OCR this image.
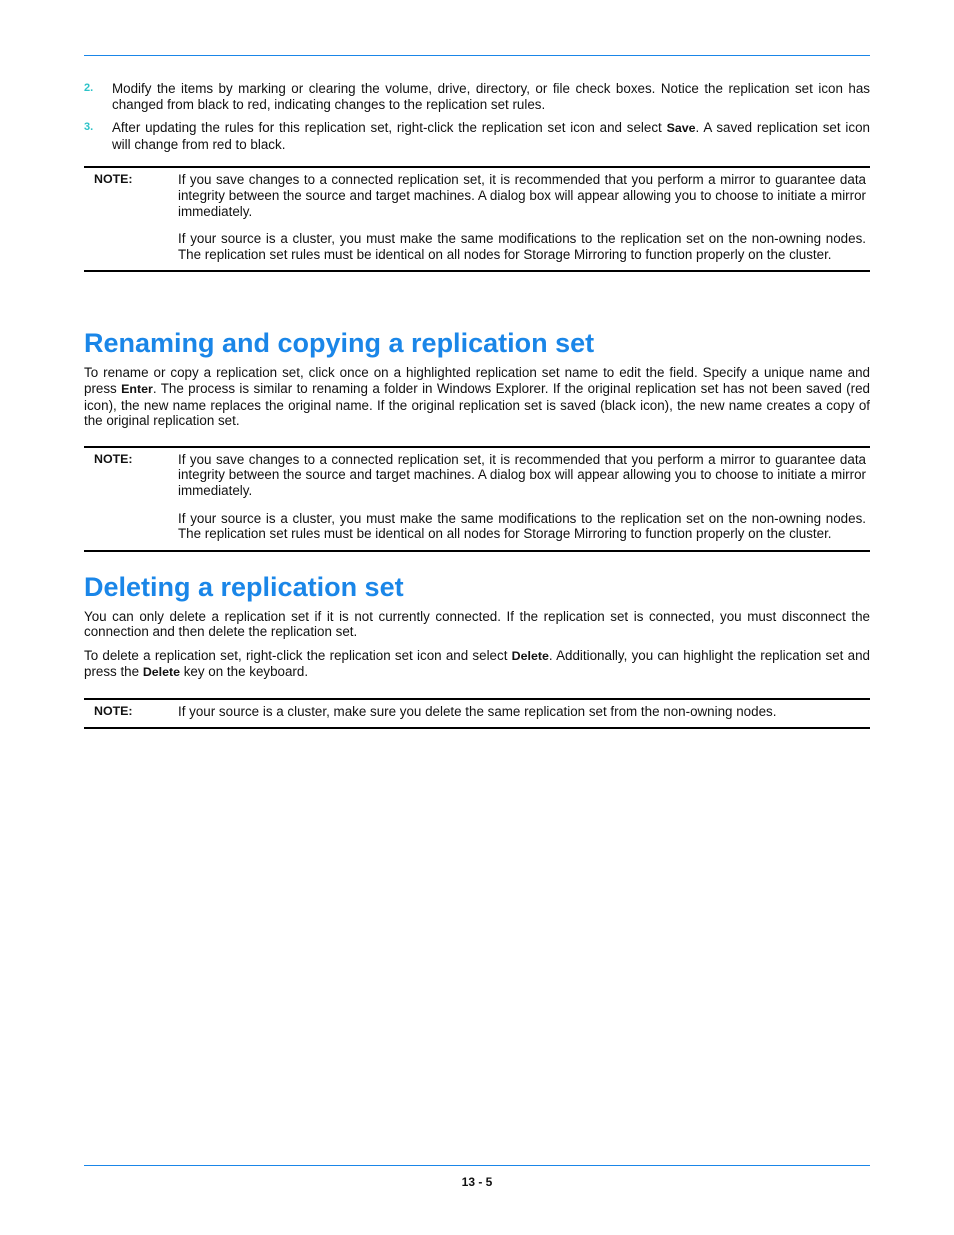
2.	Modify the items by marking or clearing the volume, drive, directory, or file check boxes. Notice the replication set icon has changed from black to red, indicating changes to the replication set rules.
3.	After updating the rules for this replication set, right-click the replication set icon and select Save. A saved replication set icon will change from red to black.
NOTE:	If you save changes to a connected replication set, it is recommended that you perform a mirror to guarantee data integrity between the source and target machines. A dialog box will appear allowing you to choose to initiate a mirror immediately.

If your source is a cluster, you must make the same modifications to the replication set on the non-owning nodes. The replication set rules must be identical on all nodes for Storage Mirroring to function properly on the cluster.

Renaming and copying a replication set

To rename or copy a replication set, click once on a highlighted replication set name to edit the field. Specify a unique name and press Enter. The process is similar to renaming a folder in Windows Explorer. If the original replication set has not been saved (red icon), the new name replaces the original name. If the original replication set is saved (black icon), the new name creates a copy of the original replication set.

NOTE:	If you save changes to a connected replication set, it is recommended that you perform a mirror to guarantee data integrity between the source and target machines. A dialog box will appear allowing you to choose to initiate a mirror immediately.

If your source is a cluster, you must make the same modifications to the replication set on the non-owning nodes. The replication set rules must be identical on all nodes for Storage Mirroring to function properly on the cluster.

Deleting a replication set

You can only delete a replication set if it is not currently connected. If the replication set is connected, you must disconnect the connection and then delete the replication set.

To delete a replication set, right-click the replication set icon and select Delete. Additionally, you can highlight the replication set and press the Delete key on the keyboard.

NOTE:	If your source is a cluster, make sure you delete the same replication set from the non-owning nodes.

13 - 5
